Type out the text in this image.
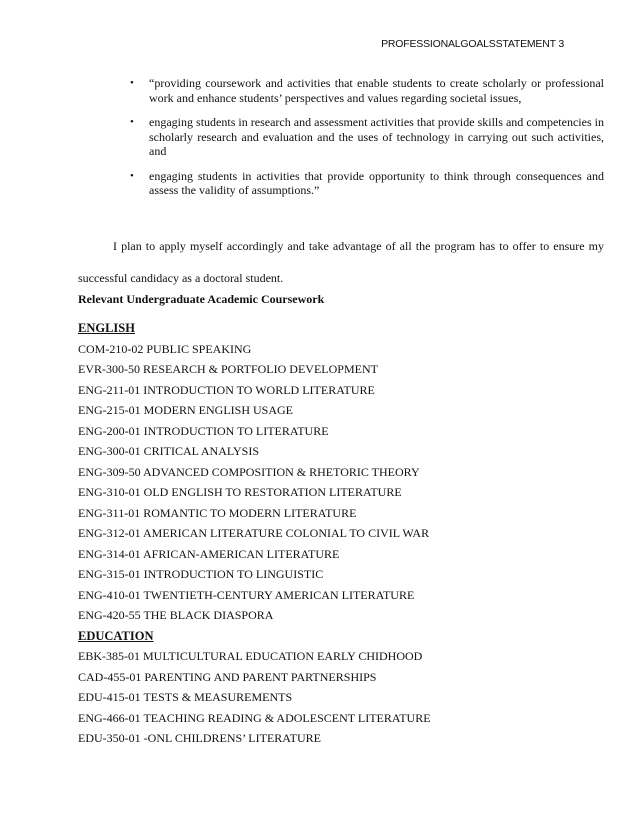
PROFESSIONALGOALSSTATEMENT 3
• “providing coursework and activities that enable students to create scholarly or professional work and enhance students’ perspectives and values regarding societal issues,
• engaging students in research and assessment activities that provide skills and competencies in scholarly research and evaluation and the uses of technology in carrying out such activities, and
• engaging students in activities that provide opportunity to think through consequences and assess the validity of assumptions.”

I plan to apply myself accordingly and take advantage of all the program has to offer to ensure my successful candidacy as a doctoral student.

Relevant Undergraduate Academic Coursework
ENGLISH
COM-210-02 PUBLIC SPEAKING
EVR-300-50 RESEARCH & PORTFOLIO DEVELOPMENT
ENG-211-01 INTRODUCTION TO WORLD LITERATURE
ENG-215-01 MODERN ENGLISH USAGE
ENG-200-01 INTRODUCTION TO LITERATURE
ENG-300-01 CRITICAL ANALYSIS
ENG-309-50 ADVANCED COMPOSITION & RHETORIC THEORY
ENG-310-01 OLD ENGLISH TO RESTORATION LITERATURE
ENG-311-01 ROMANTIC TO MODERN LITERATURE
ENG-312-01 AMERICAN LITERATURE COLONIAL TO CIVIL WAR
ENG-314-01 AFRICAN-AMERICAN LITERATURE
ENG-315-01 INTRODUCTION TO LINGUISTIC
ENG-410-01 TWENTIETH-CENTURY AMERICAN LITERATURE
ENG-420-55 THE BLACK DIASPORA
EDUCATION
EBK-385-01 MULTICULTURAL EDUCATION EARLY CHIDHOOD
CAD-455-01 PARENTING AND PARENT PARTNERSHIPS
EDU-415-01 TESTS & MEASUREMENTS
ENG-466-01 TEACHING READING & ADOLESCENT LITERATURE
EDU-350-01 -ONL CHILDRENS’ LITERATURE
